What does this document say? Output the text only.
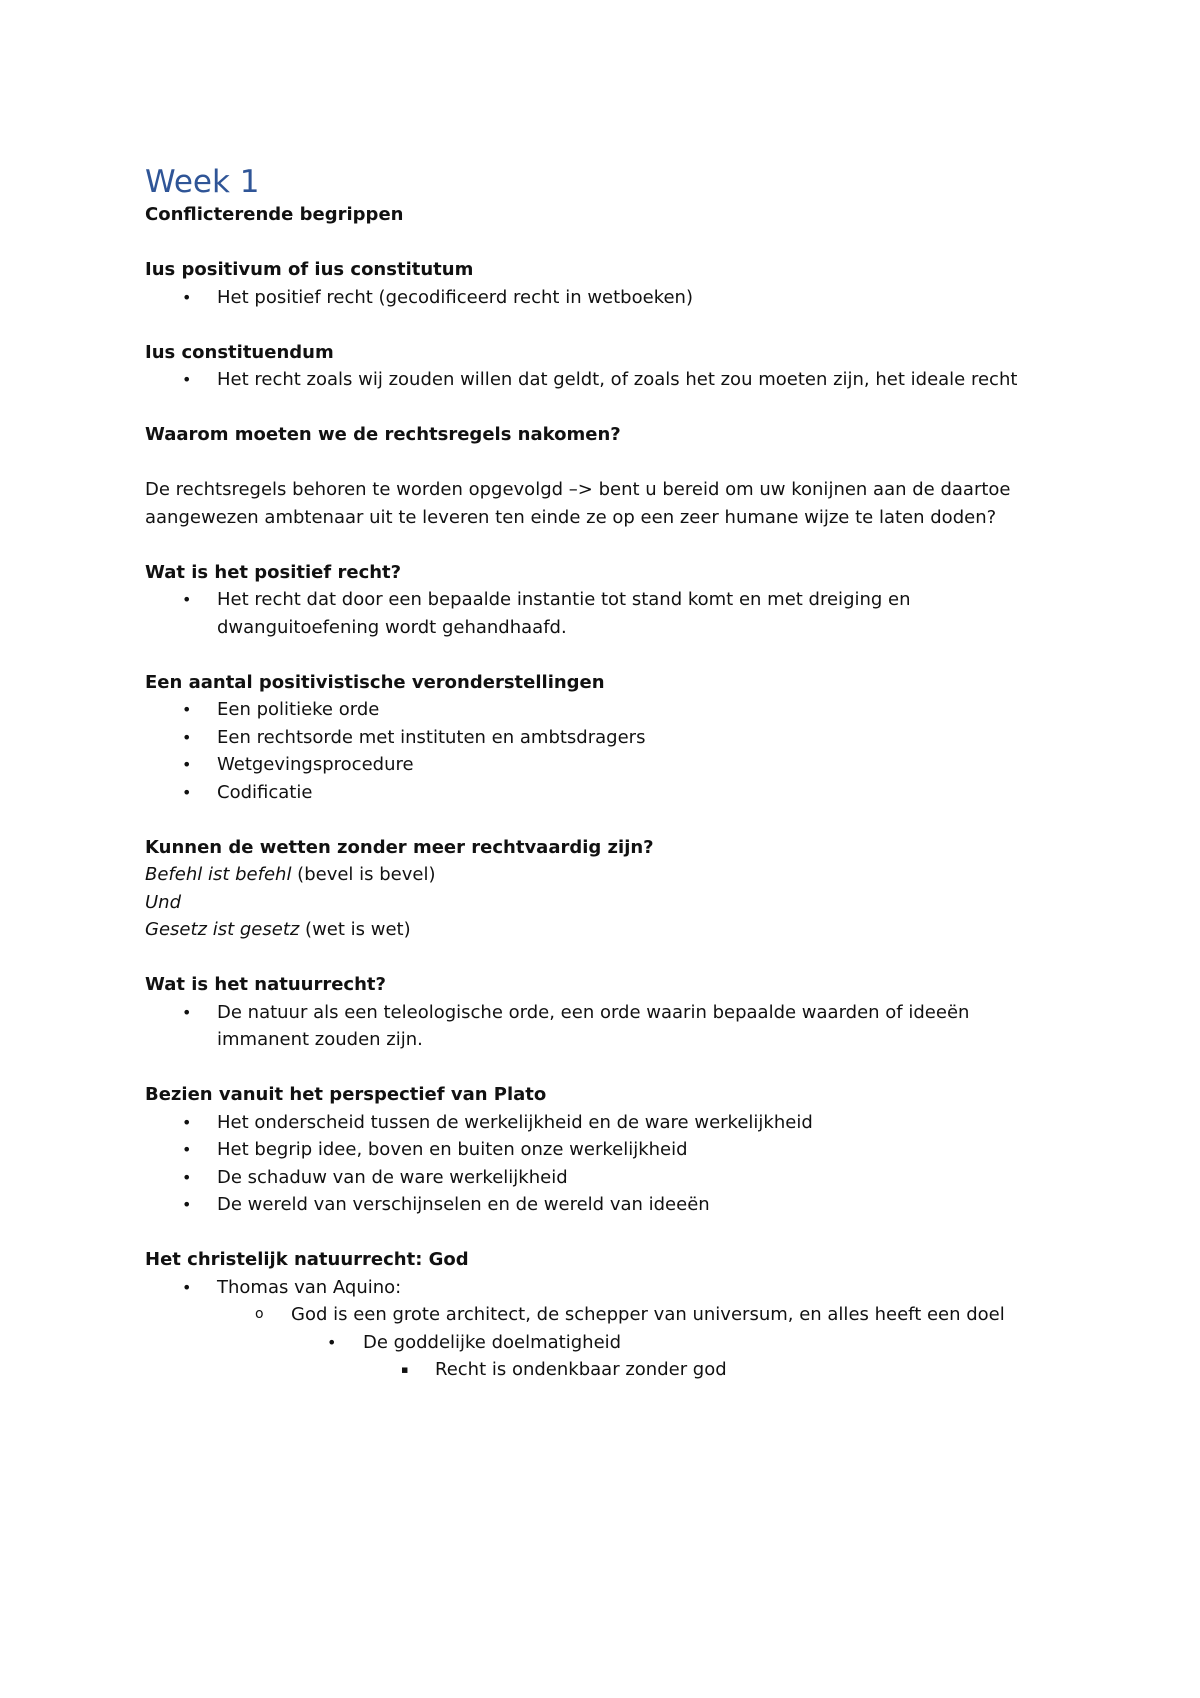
Week 1
Conflicterende begrippen
Ius positivum of ius constitutum
• Het positief recht (gecodificeerd recht in wetboeken)
Ius constituendum
• Het recht zoals wij zouden willen dat geldt, of zoals het zou moeten zijn, het ideale recht
Waarom moeten we de rechtsregels nakomen?
De rechtsregels behoren te worden opgevolgd –> bent u bereid om uw konijnen aan de daartoe
aangewezen ambtenaar uit te leveren ten einde ze op een zeer humane wijze te laten doden?
Wat is het positief recht?
• Het recht dat door een bepaalde instantie tot stand komt en met dreiging en
dwanguitoefening wordt gehandhaafd.
Een aantal positivistische veronderstellingen
• Een politieke orde
• Een rechtsorde met instituten en ambtsdragers
• Wetgevingsprocedure
• Codificatie
Kunnen de wetten zonder meer rechtvaardig zijn?
Befehl ist befehl (bevel is bevel)
Und
Gesetz ist gesetz (wet is wet)
Wat is het natuurrecht?
• De natuur als een teleologische orde, een orde waarin bepaalde waarden of ideeën
immanent zouden zijn.
Bezien vanuit het perspectief van Plato
• Het onderscheid tussen de werkelijkheid en de ware werkelijkheid
• Het begrip idee, boven en buiten onze werkelijkheid
• De schaduw van de ware werkelijkheid
• De wereld van verschijnselen en de wereld van ideeën
Het christelijk natuurrecht: God
• Thomas van Aquino:
o God is een grote architect, de schepper van universum, en alles heeft een doel
• De goddelijke doelmatigheid
▪ Recht is ondenkbaar zonder god
